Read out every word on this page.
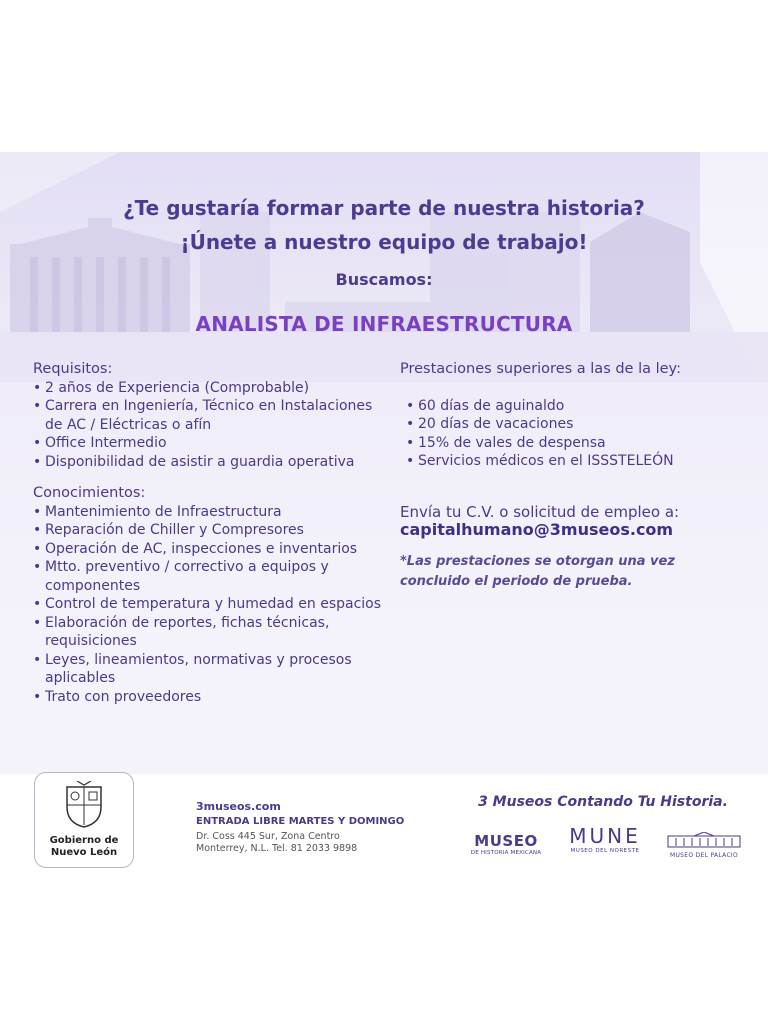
¿Te gustaría formar parte de nuestra historia?
¡Únete a nuestro equipo de trabajo!
Buscamos:
ANALISTA DE INFRAESTRUCTURA

Requisitos:

• 2 años de Experiencia (Comprobable)
• Carrera en Ingeniería, Técnico en Instalaciones de AC / Eléctricas o afín
• Office Intermedio
• Disponibilidad de asistir a guardia operativa

Conocimientos:

• Mantenimiento de Infraestructura
• Reparación de Chiller y Compresores
• Operación de AC, inspecciones e inventarios
• Mtto. preventivo / correctivo a equipos y componentes
• Control de temperatura y humedad en espacios
• Elaboración de reportes, fichas técnicas, requisiciones
• Leyes, lineamientos, normativas y procesos aplicables
• Trato con proveedores

Prestaciones superiores a las de la ley:

• 60 días de aguinaldo
• 20 días de vacaciones
• 15% de vales de despensa
• Servicios médicos en el ISSSTELEÓN
Envía tu C.V. o solicitud de empleo a:
capitalhumano@3museos.com
*Las prestaciones se otorgan una vez concluido el periodo de prueba.
Gobierno de Nuevo León
3museos.com
ENTRADA LIBRE MARTES Y DOMINGO
Dr. Coss 445 Sur, Zona Centro
Monterrey, N.L. Tel. 81 2033 9898
3 Museos Contando Tu Historia.
MUSEO
DE HISTORIA MEXICANA
MUNE
MUSEO DEL NORESTE
MUSEO DEL PALACIO
